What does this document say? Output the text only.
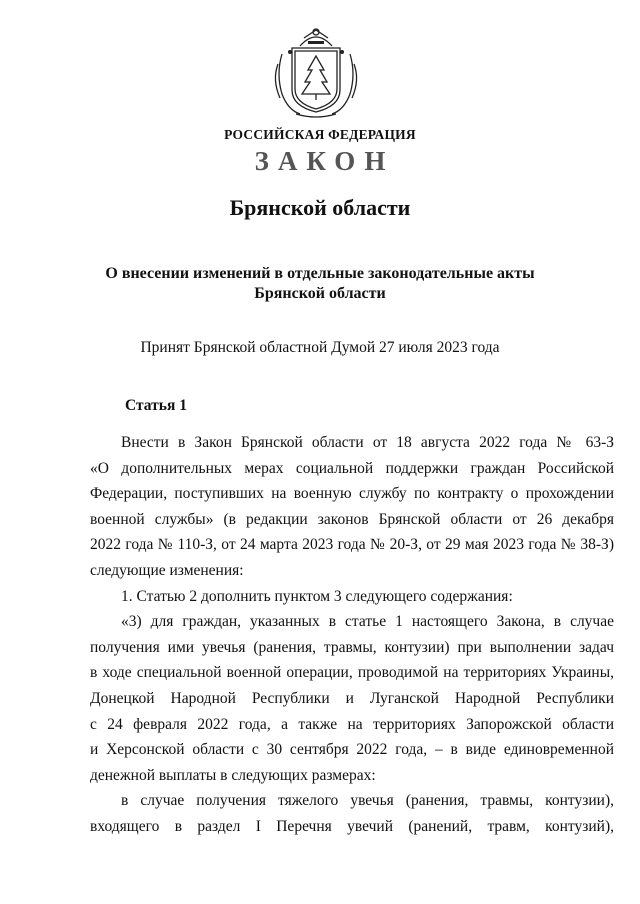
РОССИЙСКАЯ ФЕДЕРАЦИЯ
ЗАКОН
Брянской области
О внесении изменений в отдельные законодательные акты
Брянской области
Принят Брянской областной Думой 27 июля 2023 года
Статья 1
Внести в Закон Брянской области от 18 августа 2022 года № 63-З
«О дополнительных мерах социальной поддержки граждан Российской
Федерации, поступивших на военную службу по контракту о прохождении
военной службы» (в редакции законов Брянской области от 26 декабря
2022 года № 110-З, от 24 марта 2023 года № 20-З, от 29 мая 2023 года № 38-З)
следующие изменения:
1. Статью 2 дополнить пунктом 3 следующего содержания:
«3) для граждан, указанных в статье 1 настоящего Закона, в случае
получения ими увечья (ранения, травмы, контузии) при выполнении задач
в ходе специальной военной операции, проводимой на территориях Украины,
Донецкой Народной Республики и Луганской Народной Республики
с 24 февраля 2022 года, а также на территориях Запорожской области
и Херсонской области с 30 сентября 2022 года, – в виде единовременной
денежной выплаты в следующих размерах:
в случае получения тяжелого увечья (ранения, травмы, контузии),
входящего в раздел I Перечня увечий (ранений, травм, контузий),
